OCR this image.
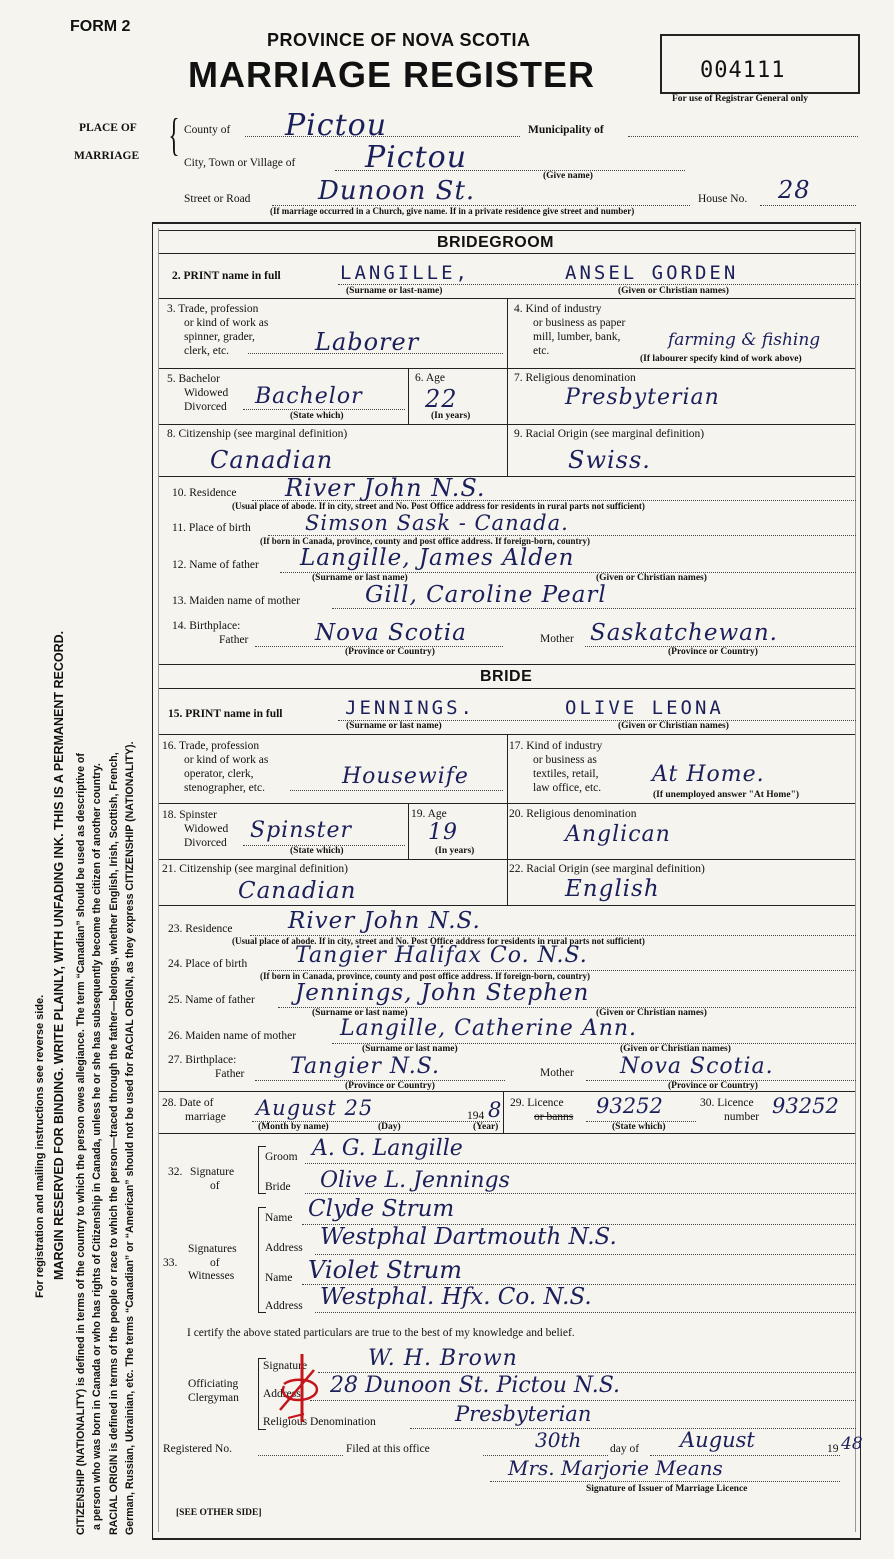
For registration and mailing instructions see reverse side. MARGIN RESERVED FOR BINDING. WRITE PLAINLY, WITH UNFADING INK. THIS IS A PERMANENT RECORD. CITIZENSHIP (NATIONALITY) is defined in terms of the country to which the person owes allegiance. The term “Canadian” should be used as descriptive of a person who was born in Canada or who has rights of Citizenship in Canada, unless he or she has subsequently become the citizen of another country. RACIAL ORIGIN is defined in terms of the people or race to which the person—traced through the father—belongs, whether English, Irish, Scottish, French, German, Russian, Ukrainian, etc. The terms “Canadian” or “American” should not be used for RACIAL ORIGIN, as they express CITIZENSHIP (NATIONALITY).
FORM 2
PROVINCE OF NOVA SCOTIA
MARRIAGE REGISTER	004111
For use of Registrar General only
PLACE OF
MARRIAGE { County of Pictou	Municipality of
City, Town or Village of Pictou
(Give name)
Street or Road	Dunoon St.	House No. 28
(If marriage occurred in a Church, give name. If in a private residence give street and number)
BRIDEGROOM
2. PRINT name in full	LANGILLE,	ANSEL GORDEN
(Surname or last-name)	(Given or Christian names)
3. Trade, profession
or kind of work as
spinner, grader,
clerk, etc.	Laborer
4. Kind of industry
or business as paper
mill, lumber, bank,
etc.
farming & fishing
(If labourer specify kind of work above)
5. Bachelor
Widowed
Divorced Bachelor
(State which)
6. Age
22
(In years)
7. Religious denomination
Presbyterian
8. Citizenship (see marginal definition)
Canadian
9. Racial Origin (see marginal definition)
Swiss.
10. Residence River John N.S.
(Usual place of abode. If in city, street and No. Post Office address for residents in rural parts not sufficient)
11. Place of birth	Simson Sask - Canada.
(If born in Canada, province, county and post office address. If foreign-born, country)
12. Name of father Langille, James Alden
(Surname or last name)	(Given or Christian names)
13. Maiden name of mother	Gill, Caroline Pearl
14. Birthplace:
Father	Nova Scotia	Mother Saskatchewan.
(Province or Country)	(Province or Country)
BRIDE
15. PRINT name in full	JENNINGS.	OLIVE LEONA
(Surname or last name)	(Given or Christian names)
16. Trade, profession
or kind of work as
operator, clerk,
stenographer, etc.	Housewife
17. Kind of industry
or business as
textiles, retail,
law office, etc.
At Home.
(If unemployed answer "At Home")
18. Spinster
Widowed
Divorced Spinster
(State which)
19. Age
19
(In years)
20. Religious denomination
Anglican
21. Citizenship (see marginal definition)
Canadian
22. Racial Origin (see marginal definition)
English
23. Residence River John N.S.
(Usual place of abode. If in city, street and No. Post Office address for residents in rural parts not sufficient)
24. Place of birth Tangier Halifax Co. N.S.
(If born in Canada, province, county and post office address. If foreign-born, country)
25. Name of father Jennings, John Stephen
(Surname or last name)	(Given or Christian names)
26. Maiden name of mother Langille, Catherine Ann.
(Surname or last name)	(Given or Christian names)
27. Birthplace:
Father Tangier N.S.	Mother Nova Scotia.
(Province or Country)	(Province or Country)
28. Date of
marriage August 25	194 8
(Month by name)	(Day)	(Year)
29. Licence
or banns 93252
(State which)
30. Licence
number 93252
32. Signature
of
Groom A. G. Langille
Bride Olive L. Jennings
Signatures
33.	of
Witnesses
Name Clyde Strum
Address Westphal Dartmouth N.S.
Name Violet Strum
Address Westphal. Hfx. Co. N.S.
I certify the above stated particulars are true to the best of my knowledge and belief.
Officiating
Clergyman
Signature	W. H. Brown
Address 28 Dunoon St. Pictou N.S.
Religious Denomination	Presbyterian
Registered No.	Filed at this office	30th day of August	19 48
Mrs. Marjorie Means
Signature of Issuer of Marriage Licence
[SEE OTHER SIDE]
